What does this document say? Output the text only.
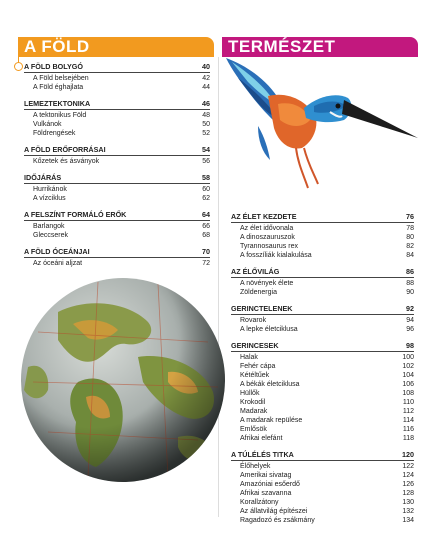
A FÖLD	TERMÉSZET
A FÖLD BOLYGÓ	40
A Föld belsejében	42
A Föld éghajlata	44
LEMEZTEKTONIKA	46
A tektonikus Föld	48
Vulkánok	50
Földrengések	52
A FÖLD ERŐFORRÁSAI	54
Kőzetek és ásványok	56
IDŐJÁRÁS	58
Hurrikánok	60
A vízciklus	62
A FELSZÍNT FORMÁLÓ ERŐK	64
Barlangok	66
Gleccserek	68
A FÖLD ÓCEÁNJAI	70
Az óceáni aljzat	72
AZ ÉLET KEZDETE	76
Az élet idővonala	78
A dinoszauruszok	80
Tyrannosaurus rex	82
A fosszíliák kialakulása	84
AZ ÉLŐVILÁG	86
A növények élete	88
Zöldenergia	90
GERINCTELENEK	92
Rovarok	94
A lepke életciklusa	96
GERINCESEK	98
Halak	100
Fehér cápa	102
Kétéltűek	104
A békák életciklusa	106
Hüllők	108
Krokodil	110
Madarak	112
A madarak repülése	114
Emlősök	116
Afrikai elefánt	118
A TÚLÉLÉS TITKA	120
Élőhelyek	122
Amerikai sivatag	124
Amazóniai esőerdő	126
Afrikai szavanna	128
Korallzátony	130
Az állatvilág építészei	132
Ragadozó és zsákmány	134
